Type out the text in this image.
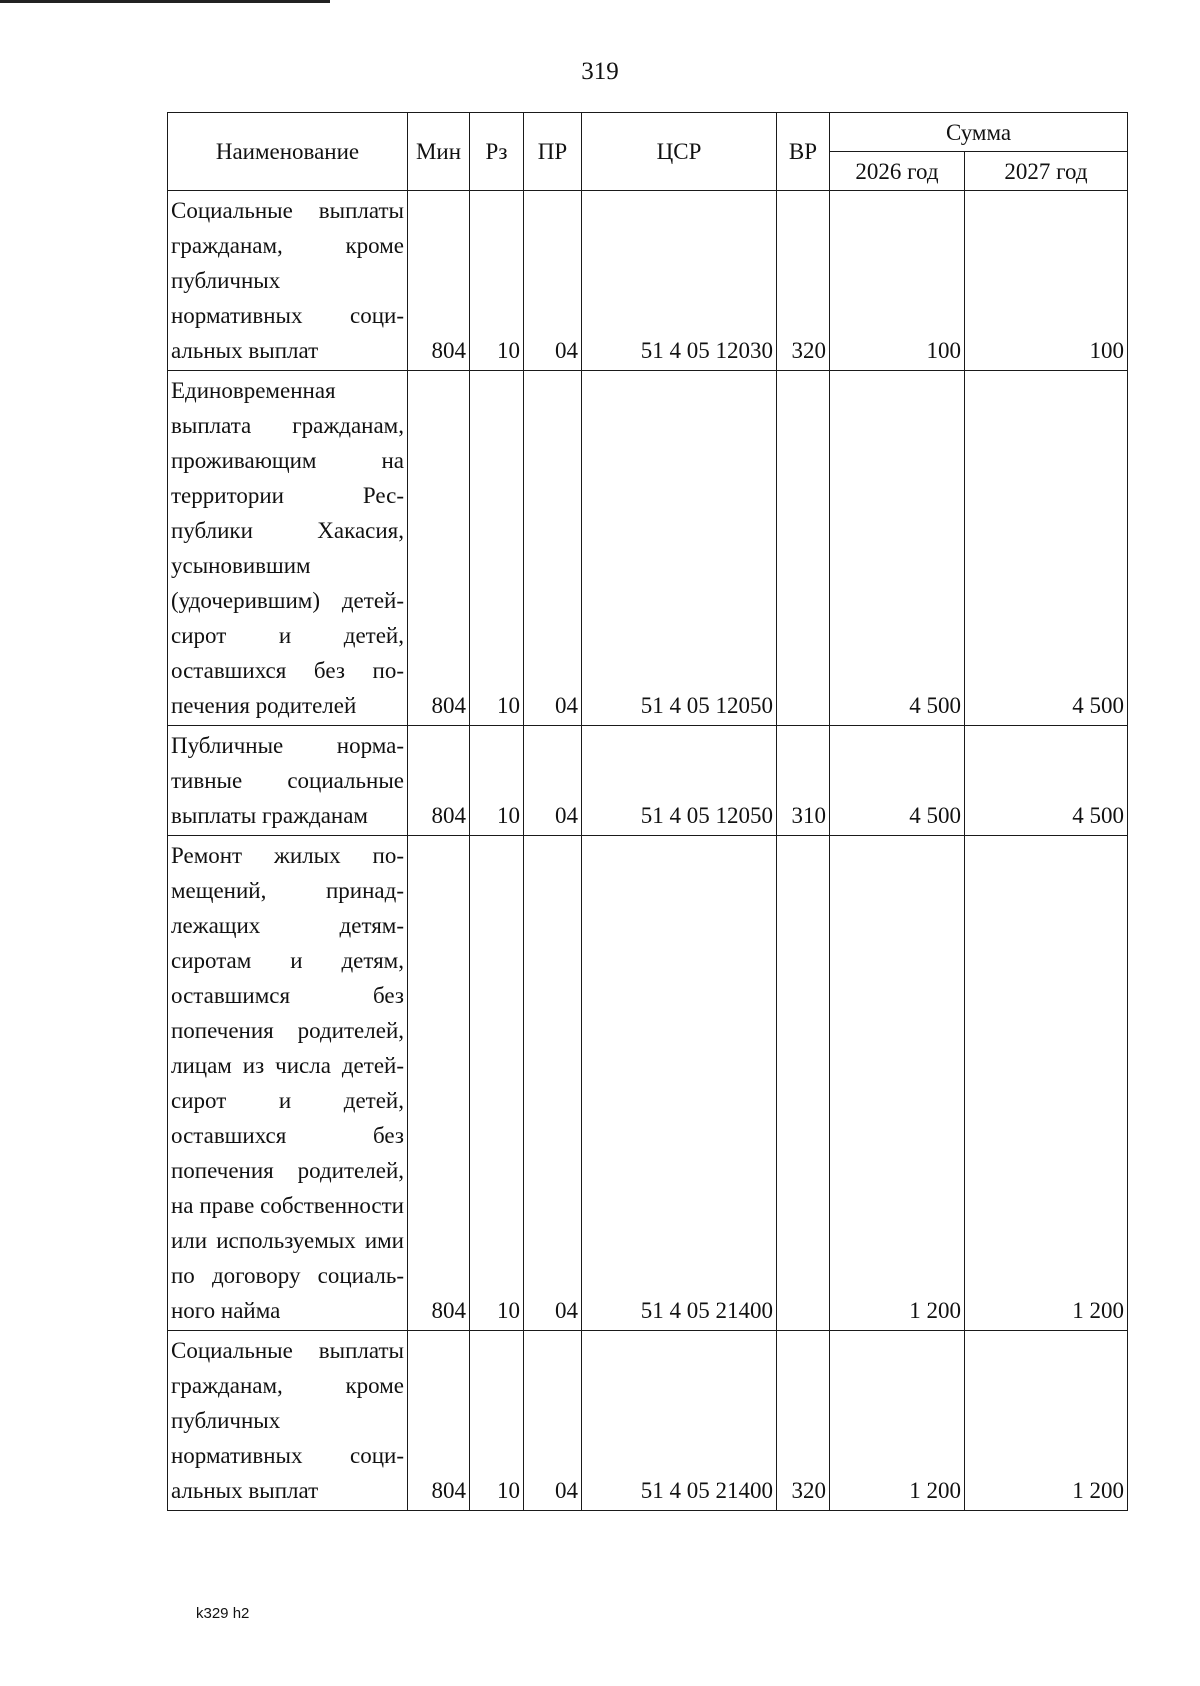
319
Наименование	Мин	Рз	ПР	ЦСР	ВР	Сумма	
						2026 год	2027 год
Социальные выплаты гражданам, кроме публичных нормативных социальных выплат	804	10	04	51 4 05 12030	320	100	100
Единовременная выплата гражданам, проживающим на территории Республики Хакасия, усыновившим (удочерившим) детей-сирот и детей, оставшихся без попечения родителей	804	10	04	51 4 05 12050		4 500	4 500
Публичные нормативные социальные выплаты гражданам	804	10	04	51 4 05 12050	310	4 500	4 500
Ремонт жилых помещений, принадлежащих детям-сиротам и детям, оставшимся без попечения родителей, лицам из числа детей-сирот и детей, оставшихся без попечения родителей, на праве собственности или используемых ими по договору социального найма	804	10	04	51 4 05 21400		1 200	1 200
Социальные выплаты гражданам, кроме публичных нормативных социальных выплат	804	10	04	51 4 05 21400	320	1 200	1 200
k329 h2
